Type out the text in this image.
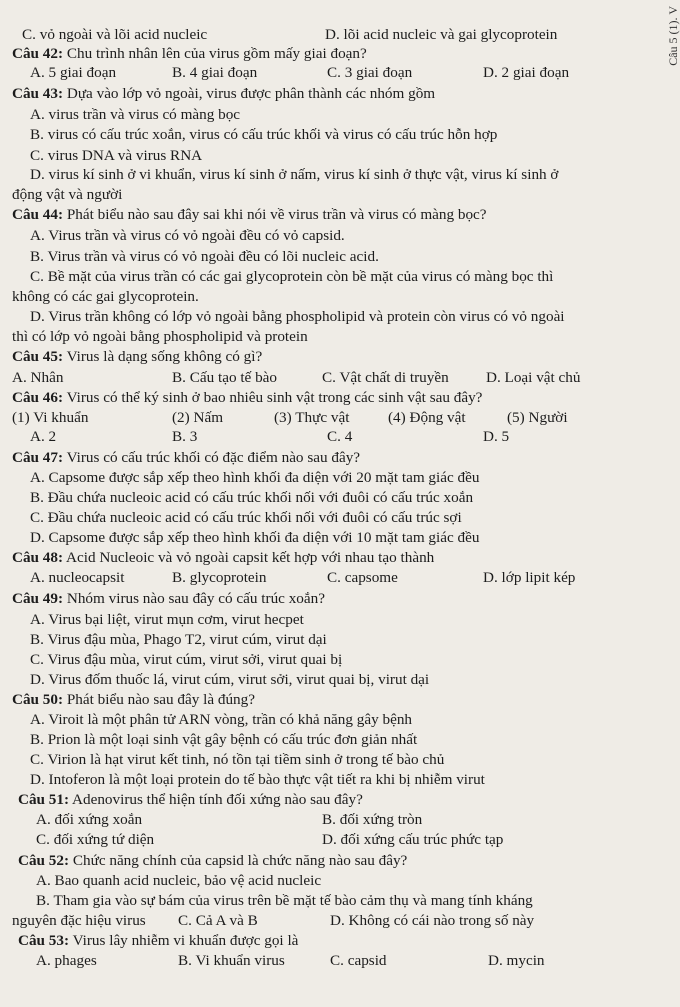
Câu 5 (1). V
C. vỏ ngoài và lõi acid nucleic	D. lõi acid nucleic và gai glycoprotein
Câu 42: Chu trình nhân lên của virus gồm mấy giai đoạn?
A. 5 giai đoạn	B. 4 giai đoạn	C. 3 giai đoạn	D. 2 giai đoạn
Câu 43: Dựa vào lớp vỏ ngoài, virus được phân thành các nhóm gồm
A. virus trần và virus có màng bọc
B. virus có cấu trúc xoắn, virus có cấu trúc khối và virus có cấu trúc hỗn hợp
C. virus DNA và virus RNA
D. virus kí sinh ở vi khuẩn, virus kí sinh ở nấm, virus kí sinh ở thực vật, virus kí sinh ở
động vật và người
Câu 44: Phát biểu nào sau đây sai khi nói về virus trần và virus có màng bọc?
A. Virus trần và virus có vỏ ngoài đều có vỏ capsid.
B. Virus trần và virus có vỏ ngoài đều có lõi nucleic acid.
C. Bề mặt của virus trần có các gai glycoprotein còn bề mặt của virus có màng bọc thì
không có các gai glycoprotein.
D. Virus trần không có lớp vỏ ngoài bằng phospholipid và protein còn virus có vỏ ngoài
thì có lớp vỏ ngoài bằng phospholipid và protein
Câu 45: Virus là dạng sống không có gì?
A. Nhân	B. Cấu tạo tế bào	C. Vật chất di truyền D. Loại vật chủ
Câu 46: Virus có thể ký sinh ở bao nhiêu sinh vật trong các sinh vật sau đây?
(1) Vi khuẩn	(2) Nấm	(3) Thực vật	(4) Động vật	(5) Người
A. 2	B. 3	C. 4	D. 5
Câu 47: Virus có cấu trúc khối có đặc điểm nào sau đây?
A. Capsome được sắp xếp theo hình khối đa diện với 20 mặt tam giác đều
B. Đầu chứa nucleoic acid có cấu trúc khối nối với đuôi có cấu trúc xoắn
C. Đầu chứa nucleoic acid có cấu trúc khối nối với đuôi có cấu trúc sợi
D. Capsome được sắp xếp theo hình khối đa diện với 10 mặt tam giác đều
Câu 48: Acid Nucleoic và vỏ ngoài capsit kết hợp với nhau tạo thành
A. nucleocapsit	B. glycoprotein	C. capsome	D. lớp lipit kép
Câu 49: Nhóm virus nào sau đây có cấu trúc xoắn?
A. Virus bại liệt, virut mụn cơm, virut hecpet
B. Virus đậu mùa, Phago T2, virut cúm, virut dại
C. Virus đậu mùa, virut cúm, virut sởi, virut quai bị
D. Virus đốm thuốc lá, virut cúm, virut sởi, virut quai bị, virut dại
Câu 50: Phát biểu nào sau đây là đúng?
A. Viroit là một phân tử ARN vòng, trần có khả năng gây bệnh
B. Prion là một loại sinh vật gây bệnh có cấu trúc đơn giản nhất
C. Virion là hạt virut kết tinh, nó tồn tại tiềm sinh ở trong tế bào chủ
D. Intoferon là một loại protein do tế bào thực vật tiết ra khi bị nhiễm virut
Câu 51: Adenovirus thể hiện tính đối xứng nào sau đây?
A. đối xứng xoắn	B. đối xứng tròn
C. đối xứng tứ diện	D. đối xứng cấu trúc phức tạp
Câu 52: Chức năng chính của capsid là chức năng nào sau đây?
A. Bao quanh acid nucleic, bảo vệ acid nucleic
B. Tham gia vào sự bám của virus trên bề mặt tế bào cảm thụ và mang tính kháng
nguyên đặc hiệu virus C. Cả A và B	D. Không có cái nào trong số này
Câu 53: Virus lây nhiễm vi khuẩn được gọi là
A. phages	B. Vi khuẩn virus	C. capsid	D. mycin
